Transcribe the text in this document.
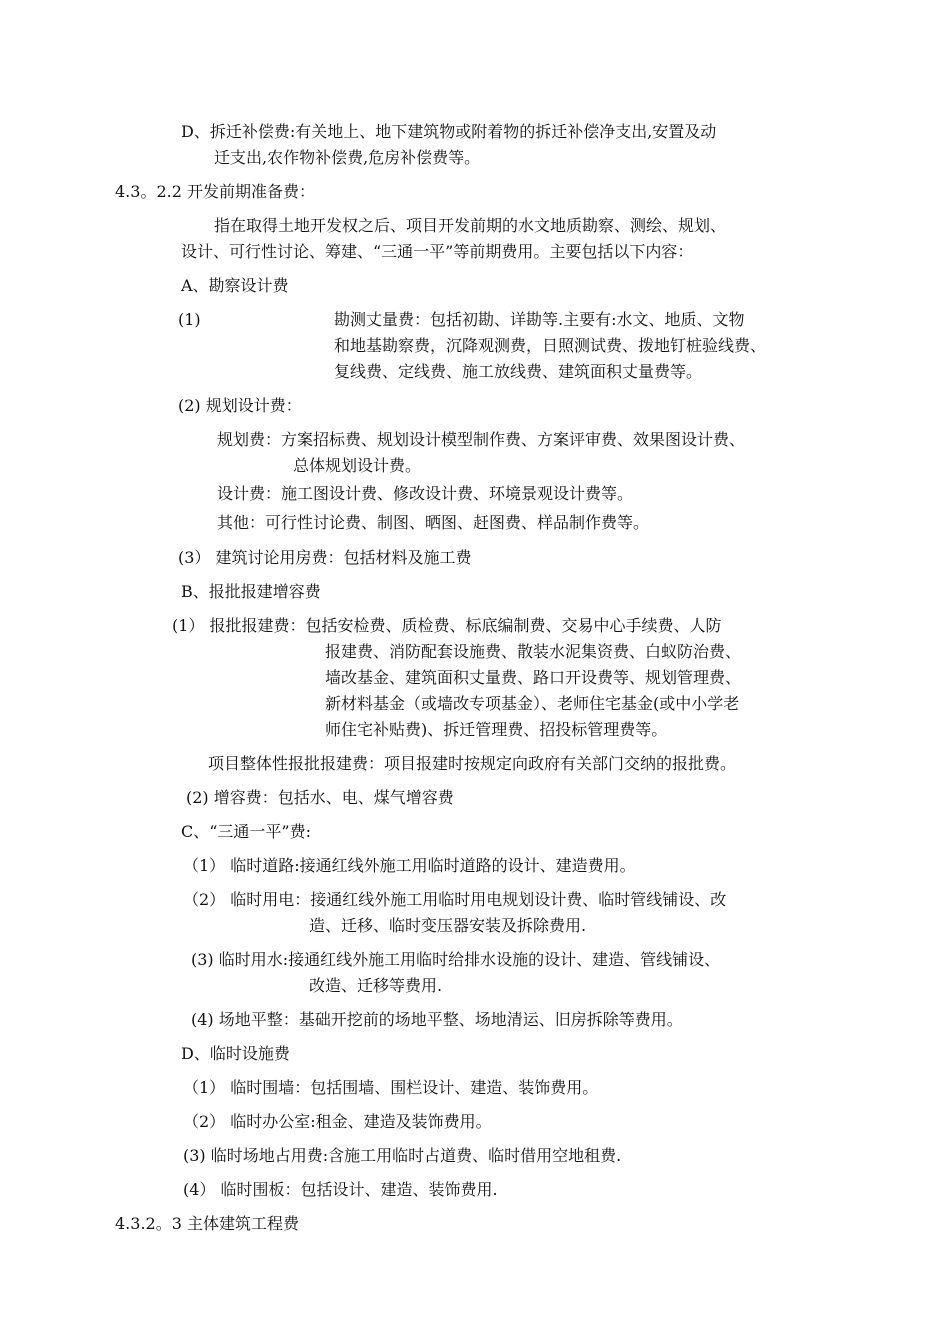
D、拆迁补偿费:有关地上、地下建筑物或附着物的拆迁补偿净支出,安置及动
迁支出,农作物补偿费,危房补偿费等。
4.3。2.2 开发前期准备费：
指在取得土地开发权之后、项目开发前期的水文地质勘察、测绘、规划、
设计、可行性讨论、筹建、“三通一平”等前期费用。主要包括以下内容：
A、勘察设计费
(1)	勘测丈量费：包括初勘、详勘等.主要有:水文、地质、文物
和地基勘察费，沉降观测费，日照测试费、拨地钉桩验线费、
复线费、定线费、施工放线费、建筑面积丈量费等。
(2) 规划设计费：
规划费：方案招标费、规划设计模型制作费、方案评审费、效果图设计费、
总体规划设计费。
设计费：施工图设计费、修改设计费、环境景观设计费等。
其他：可行性讨论费、制图、晒图、赶图费、样品制作费等。
(3） 建筑讨论用房费：包括材料及施工费
B、报批报建增容费
(1） 报批报建费：包括安检费、质检费、标底编制费、交易中心手续费、人防
报建费、消防配套设施费、散装水泥集资费、白蚁防治费、
墙改基金、建筑面积丈量费、路口开设费等、规划管理费、
新材料基金（或墙改专项基金）、老师住宅基金(或中小学老
师住宅补贴费)、拆迁管理费、招投标管理费等。
项目整体性报批报建费：项目报建时按规定向政府有关部门交纳的报批费。
(2) 增容费：包括水、电、煤气增容费
C、“三通一平”费:
（1） 临时道路:接通红线外施工用临时道路的设计、建造费用。
（2） 临时用电：接通红线外施工用临时用电规划设计费、临时管线铺设、改
造、迁移、临时变压器安装及拆除费用.
(3) 临时用水:接通红线外施工用临时给排水设施的设计、建造、管线铺设、
改造、迁移等费用.
(4) 场地平整：基础开挖前的场地平整、场地清运、旧房拆除等费用。
D、临时设施费
（1） 临时围墙：包括围墙、围栏设计、建造、装饰费用。
（2） 临时办公室:租金、建造及装饰费用。
(3) 临时场地占用费:含施工用临时占道费、临时借用空地租费.
(4） 临时围板：包括设计、建造、装饰费用.
4.3.2。3 主体建筑工程费
